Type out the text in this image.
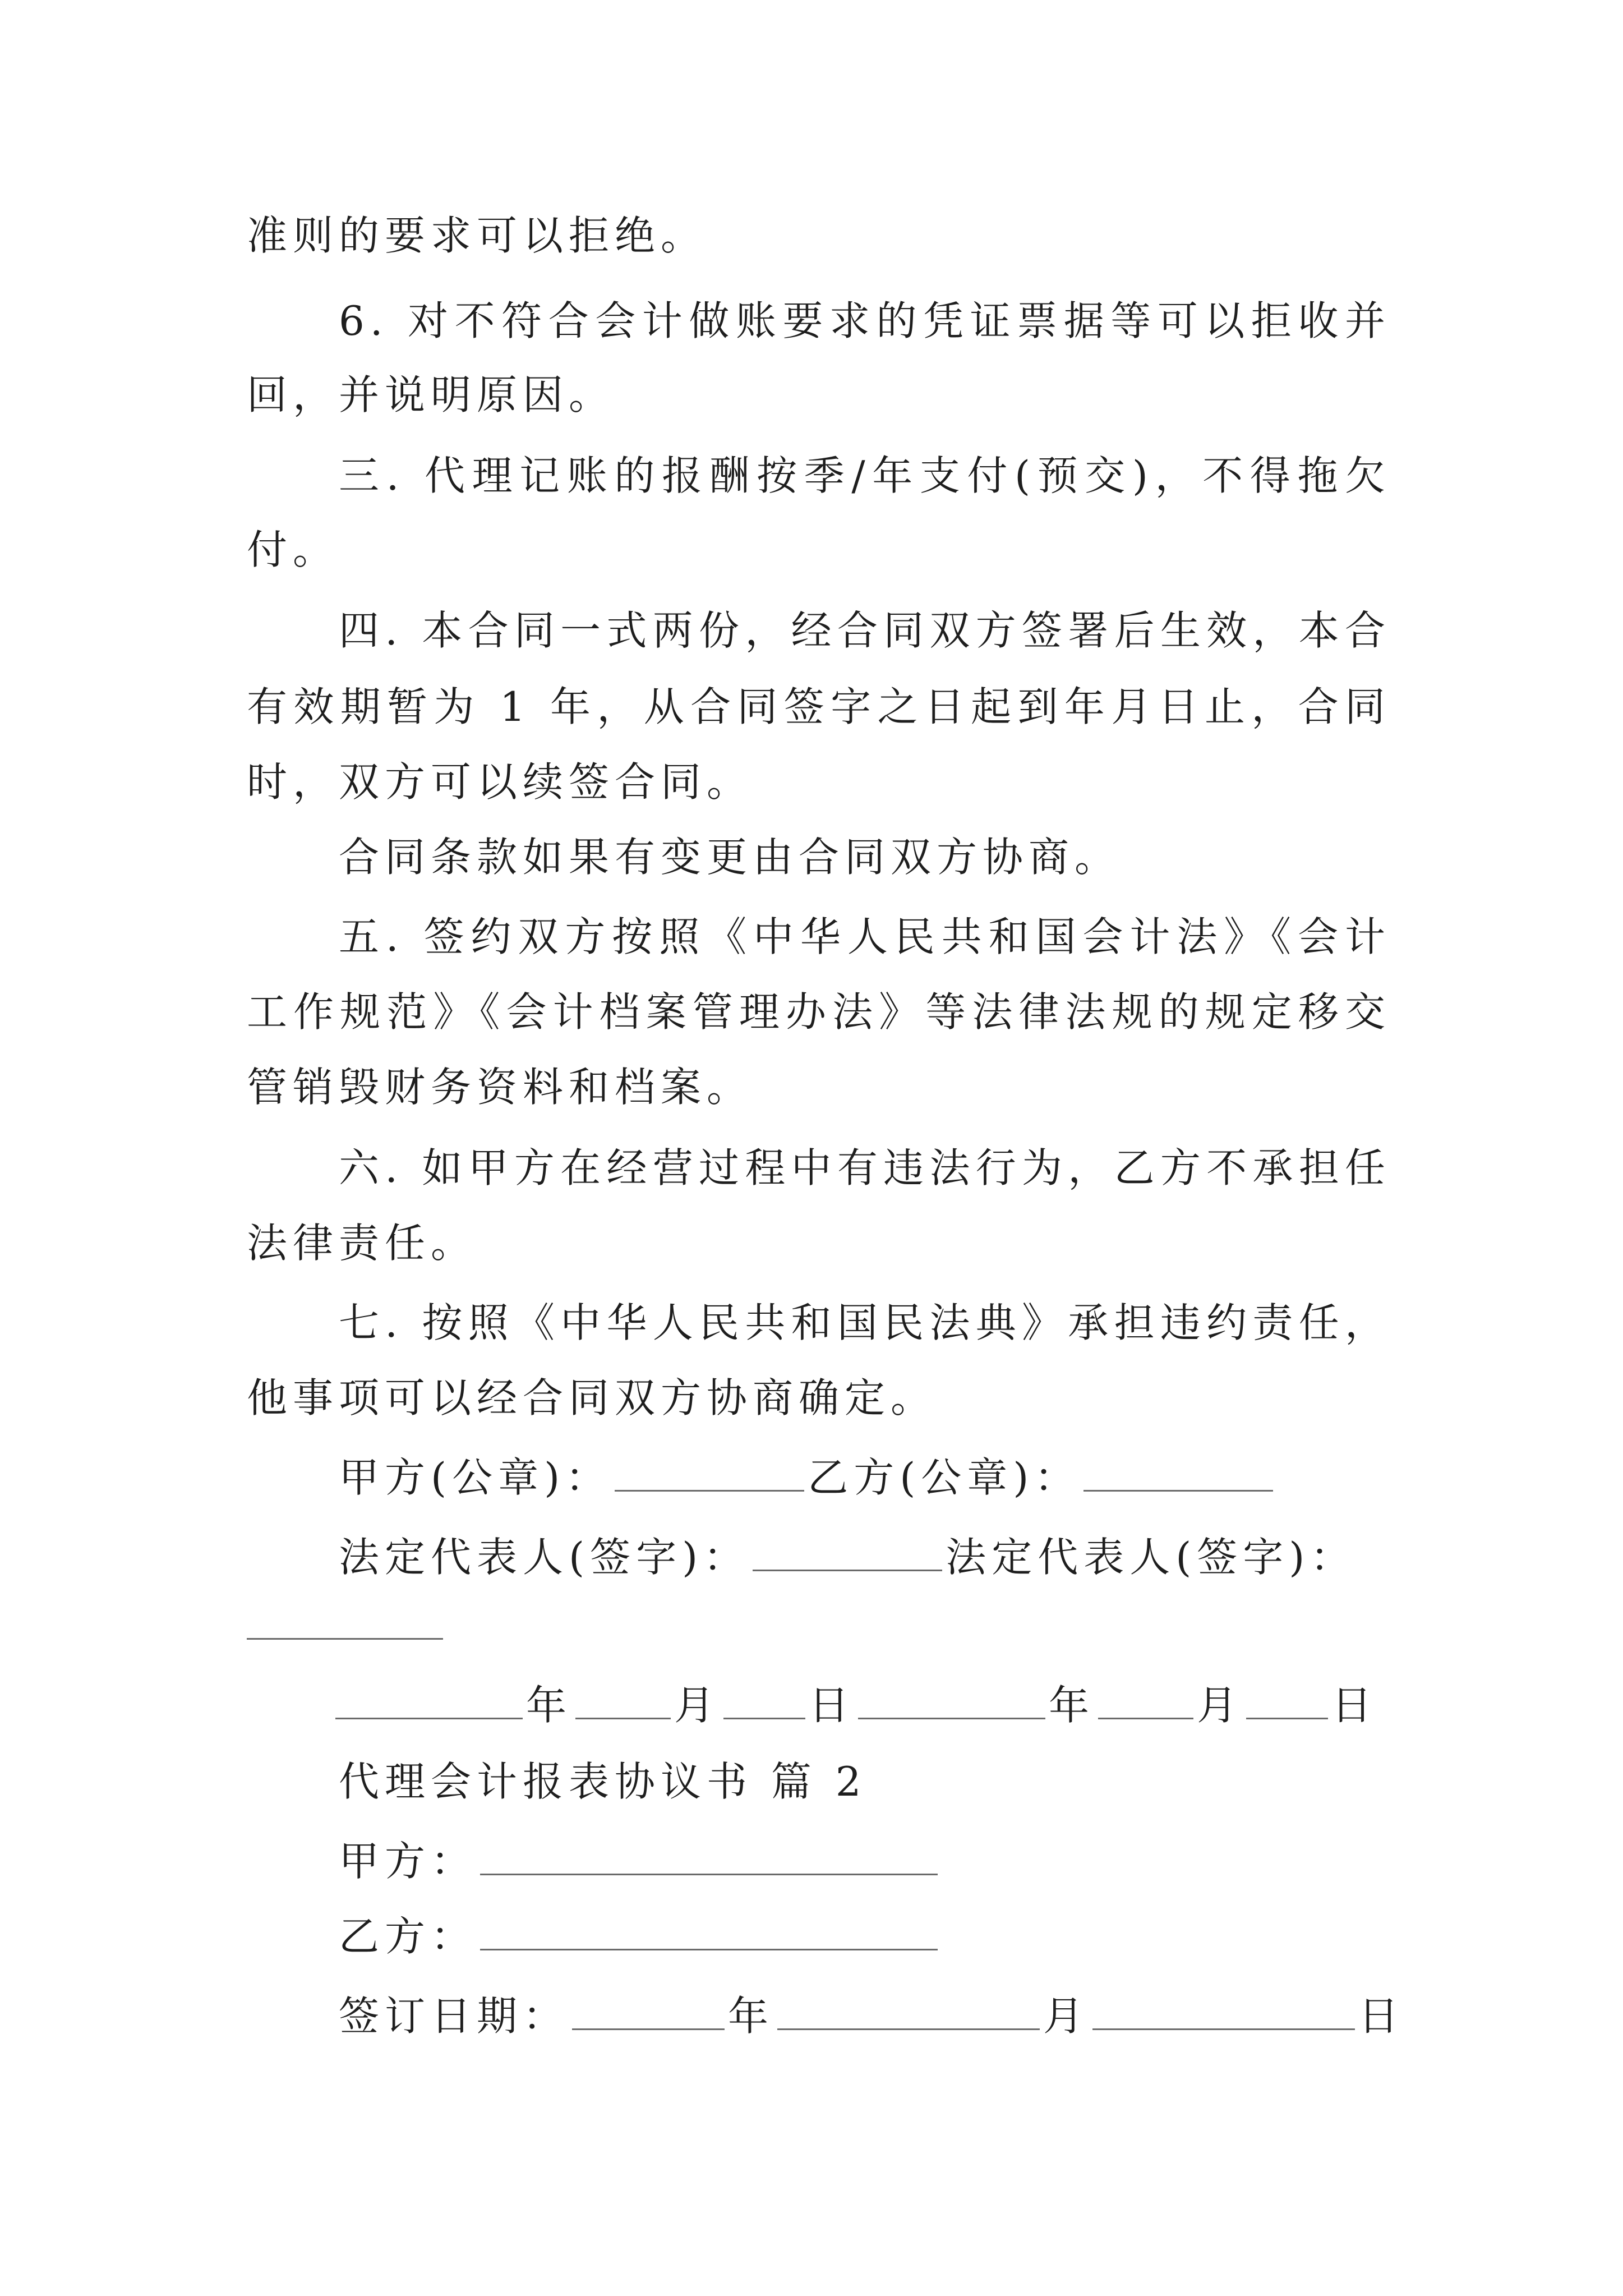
准则的要求可以拒绝。
6. 对不符合会计做账要求的凭证票据等可以拒收并
回，并说明原因。
三. 代理记账的报酬按季/年支付(预交)，不得拖欠
付。
四. 本合同一式两份，经合同双方签署后生效，本合
有效期暂为 1 年，从合同签字之日起到年月日止，合同
时，双方可以续签合同。
合同条款如果有变更由合同双方协商。
五. 签约双方按照《中华人民共和国会计法》《会计
工作规范》《会计档案管理办法》等法律法规的规定移交
管销毁财务资料和档案。
六. 如甲方在经营过程中有违法行为，乙方不承担任
法律责任。
七. 按照《中华人民共和国民法典》承担违约责任，
他事项可以经合同双方协商确定。
甲方(公章)：	乙方(公章)：
法定代表人(签字)：	法定代表人(签字)：
年	月 日	年	月 日
代理会计报表协议书 篇 2
甲方：
乙方：
签订日期：	年	月	日
